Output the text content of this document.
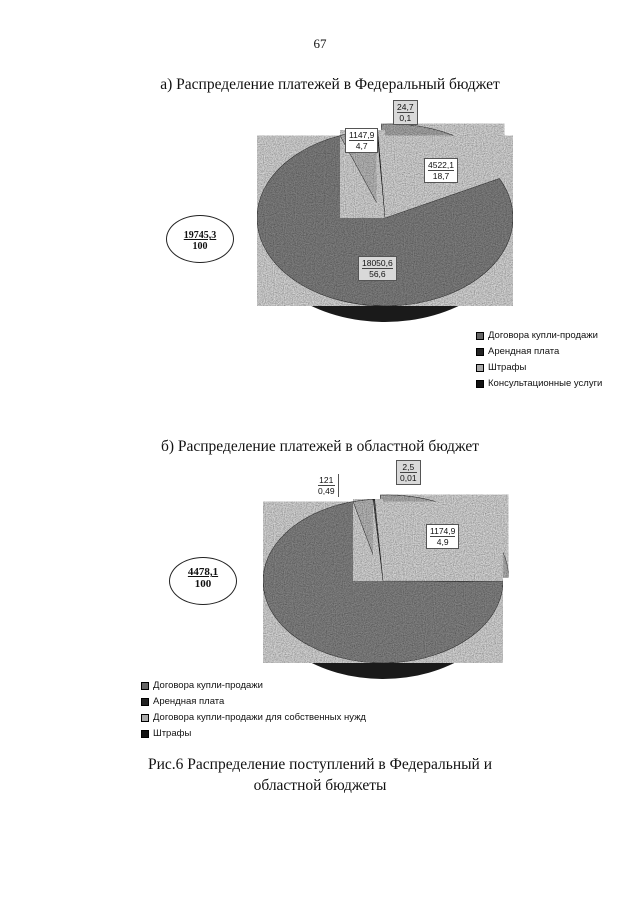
67
а) Распределение платежей в Федеральный бюджет
б) Распределение платежей в областной бюджет
24,7
0,1
1147,9
4,7
4522,1
18,7
18050,6
56,6
19745,3
100
Договора купли-продажи
Арендная плата
Штрафы
Консультационные услуги
2,5
0,01
121
0,49
1174,9
4,9
4478,1
100
Договора купли-продажи
Арендная плата
Договора купли-продажи для собственных нужд
Штрафы
Рис.6 Распределение поступлений в Федеральный и
областной бюджеты
